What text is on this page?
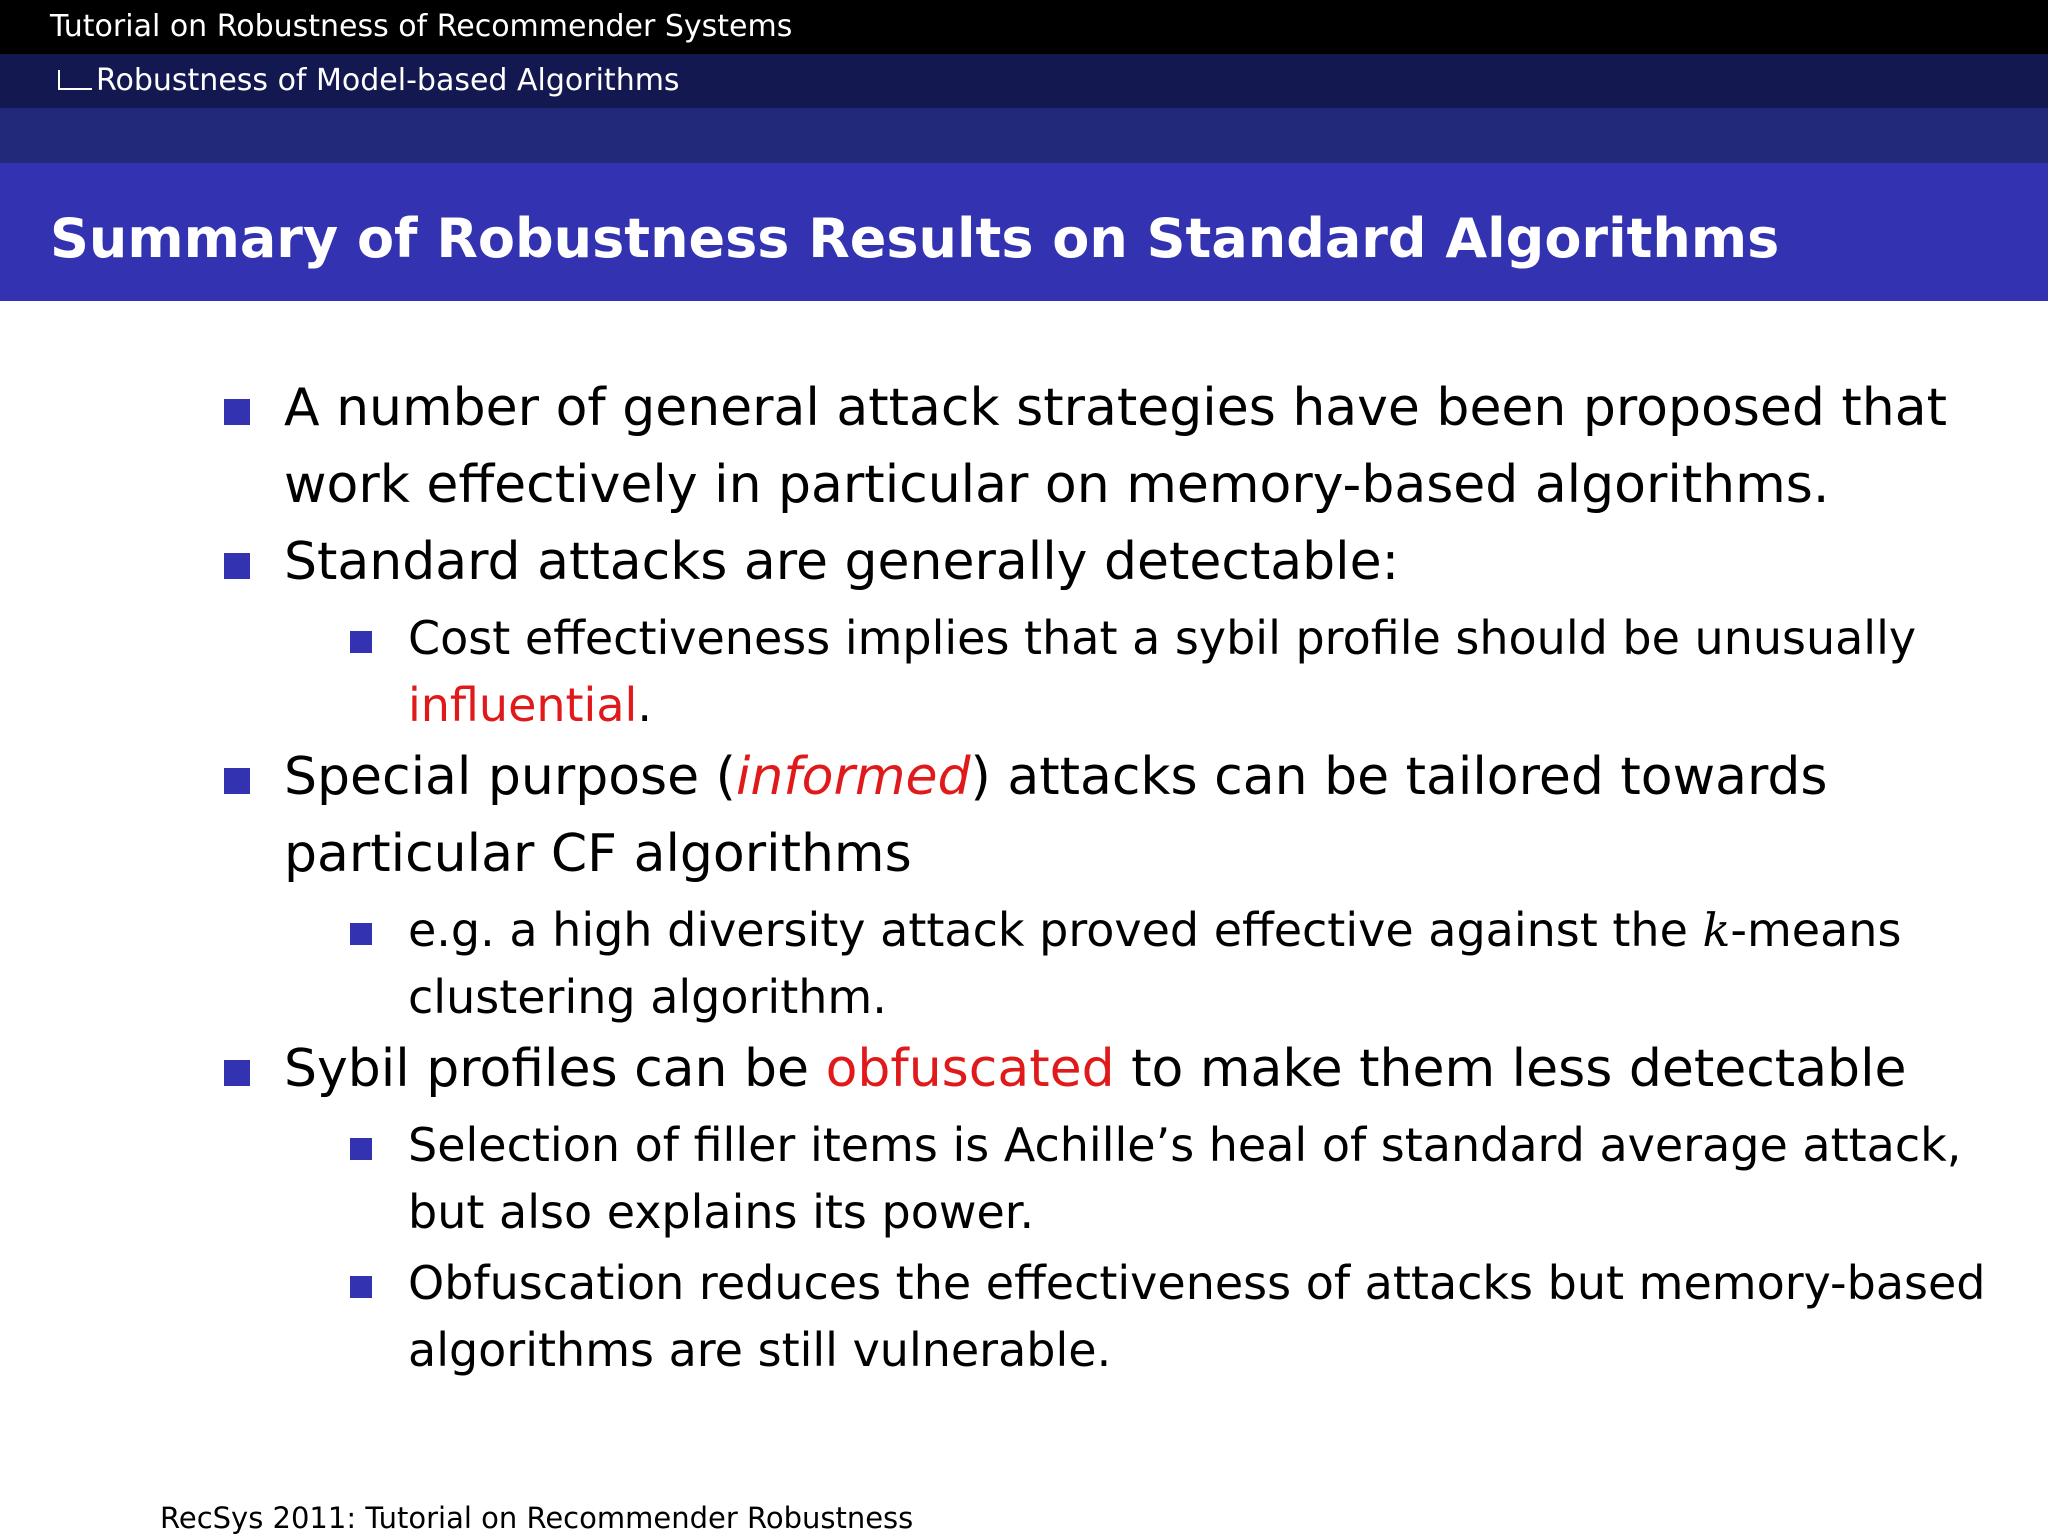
Tutorial on Robustness of Recommender Systems
Robustness of Model-based Algorithms
Summary of Robustness Results on Standard Algorithms
A number of general attack strategies have been proposed that work effectively in particular on memory-based algorithms.
Standard attacks are generally detectable:
Cost effectiveness implies that a sybil profile should be unusually influential.
Special purpose (informed) attacks can be tailored towards particular CF algorithms
e.g. a high diversity attack proved effective against the k-means clustering algorithm.
Sybil profiles can be obfuscated to make them less detectable
Selection of filler items is Achille’s heal of standard average attack, but also explains its power.
Obfuscation reduces the effectiveness of attacks but memory-based algorithms are still vulnerable.
RecSys 2011: Tutorial on Recommender Robustness
